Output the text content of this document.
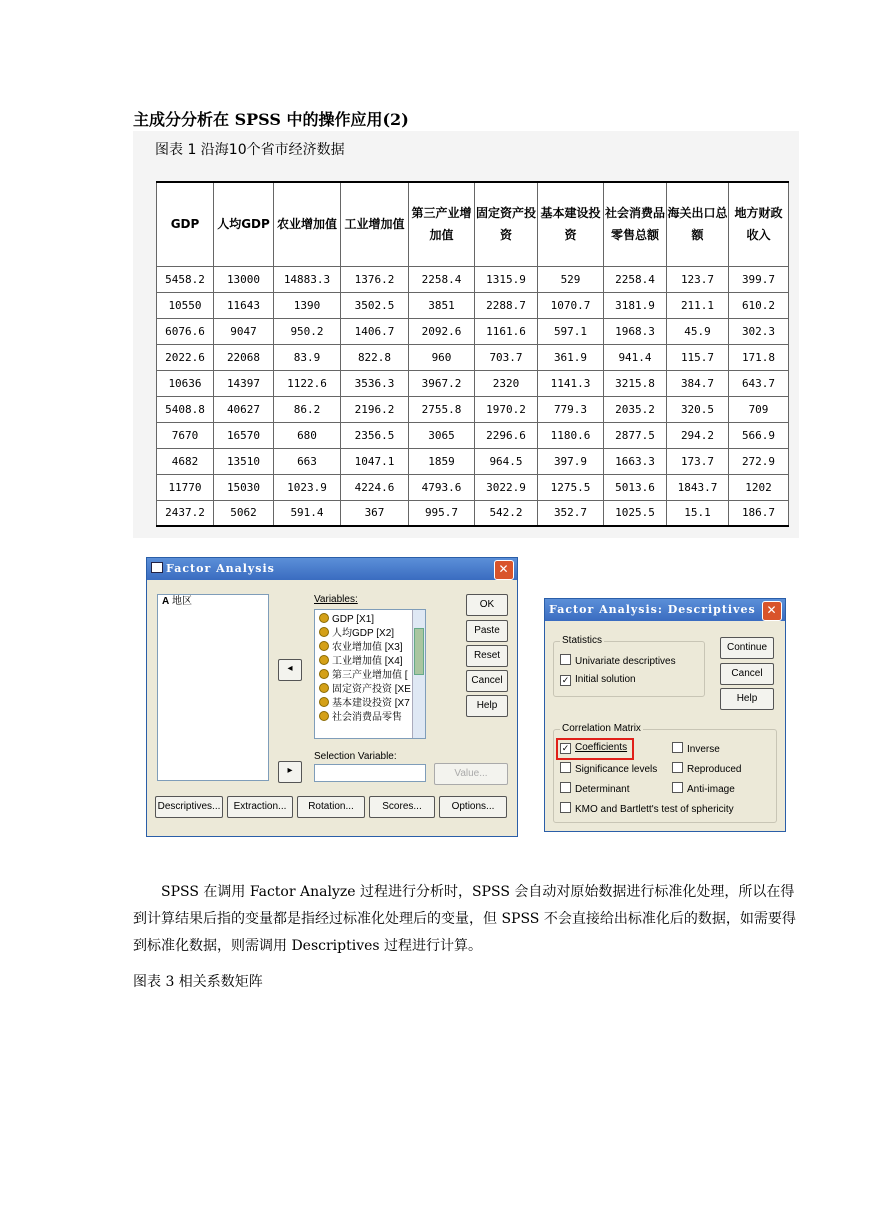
主成分分析在 SPSS 中的操作应用(2)
图表 1 沿海10个省市经济数据
GDP	人均GDP	农业增加值	工业增加值	第三产业增加值	固定资产投资	基本建设投资	社会消费品零售总额	海关出口总额	地方财政收入
5458.2	13000	14883.3	1376.2	2258.4	1315.9	529	2258.4	123.7	399.7
10550	11643	1390	3502.5	3851	2288.7	1070.7	3181.9	211.1	610.2
6076.6	9047	950.2	1406.7	2092.6	1161.6	597.1	1968.3	45.9	302.3
2022.6	22068	83.9	822.8	960	703.7	361.9	941.4	115.7	171.8
10636	14397	1122.6	3536.3	3967.2	2320	1141.3	3215.8	384.7	643.7
5408.8	40627	86.2	2196.2	2755.8	1970.2	779.3	2035.2	320.5	709
7670	16570	680	2356.5	3065	2296.6	1180.6	2877.5	294.2	566.9
4682	13510	663	1047.1	1859	964.5	397.9	1663.3	173.7	272.9
11770	15030	1023.9	4224.6	4793.6	3022.9	1275.5	5013.6	1843.7	1202
2437.2	5062	591.4	367	995.7	542.2	352.7	1025.5	15.1	186.7
Factor Analysis	✕
A 地区
◂
▸
Variables:
GDP [X1]
人均GDP [X2]
农业增加值 [X3]
工业增加值 [X4]
第三产业增加值 [
固定资产投资 [XE
基本建设投资 [X7
社会消费品零售
Selection Variable:
Value...
OK
Paste
Reset
Cancel
Help
Descriptives...	Extraction...	Rotation...	Scores...	Options...
Factor Analysis: Descriptives ✕
Statistics
Univariate descriptives
✓ Initial solution
Continue
Cancel
Help
Correlation Matrix
✓ Coefficients	Inverse
Significance levels	Reproduced
Determinant	Anti-image
KMO and Bartlett's test of sphericity
SPSS 在调用 Factor Analyze 过程进行分析时，SPSS 会自动对原始数据进行标准化处理，所以在得到计算结果后指的变量都是指经过标准化处理后的变量，但 SPSS 不会直接给出标准化后的数据，如需要得到标准化数据，则需调用 Descriptives 过程进行计算。
图表 3 相关系数矩阵
